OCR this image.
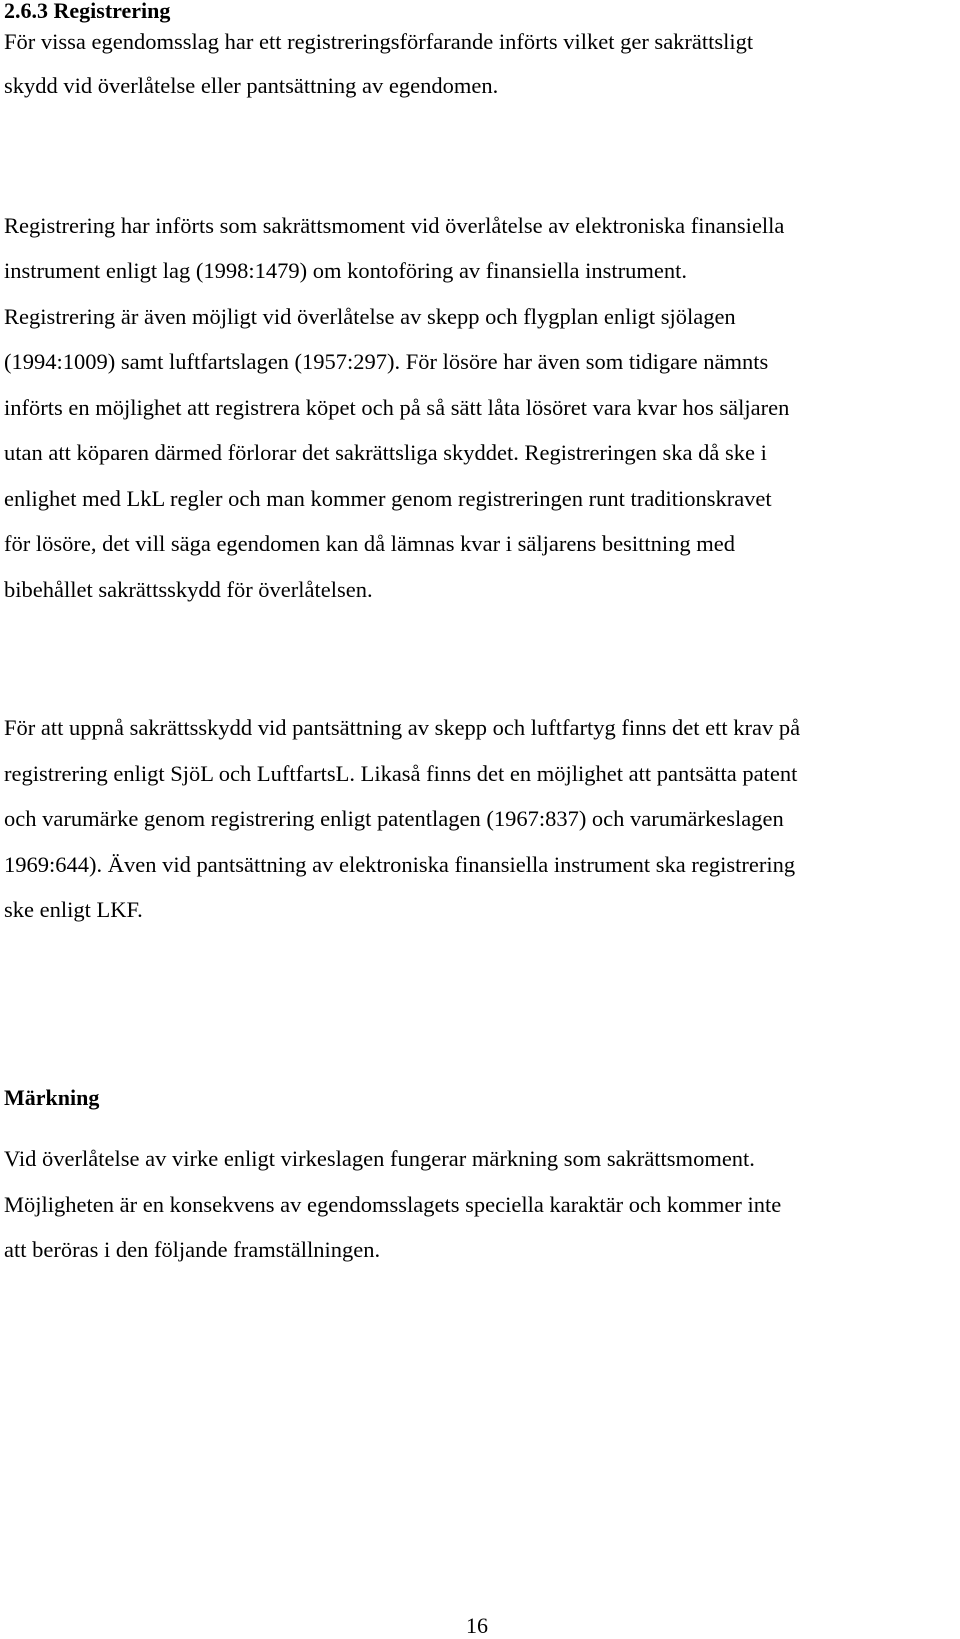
2.6.3 Registrering

För vissa egendomsslag har ett registreringsförfarande införts vilket ger sakrättsligt

skydd vid överlåtelse eller pantsättning av egendomen.

Registrering har införts som sakrättsmoment vid överlåtelse av elektroniska finansiella

instrument enligt lag (1998:1479) om kontoföring av finansiella instrument.

Registrering är även möjligt vid överlåtelse av skepp och flygplan enligt sjölagen

(1994:1009) samt luftfartslagen (1957:297). För lösöre har även som tidigare nämnts

införts en möjlighet att registrera köpet och på så sätt låta lösöret vara kvar hos säljaren

utan att köparen därmed förlorar det sakrättsliga skyddet. Registreringen ska då ske i

enlighet med LkL regler och man kommer genom registreringen runt traditionskravet

för lösöre, det vill säga egendomen kan då lämnas kvar i säljarens besittning med

bibehållet sakrättsskydd för överlåtelsen.

För att uppnå sakrättsskydd vid pantsättning av skepp och luftfartyg finns det ett krav på

registrering enligt SjöL och LuftfartsL. Likaså finns det en möjlighet att pantsätta patent

och varumärke genom registrering enligt patentlagen (1967:837) och varumärkeslagen

1969:644). Även vid pantsättning av elektroniska finansiella instrument ska registrering

ske enligt LKF.

Märkning

Vid överlåtelse av virke enligt virkeslagen fungerar märkning som sakrättsmoment.

Möjligheten är en konsekvens av egendomsslagets speciella karaktär och kommer inte

att beröras i den följande framställningen.

16
